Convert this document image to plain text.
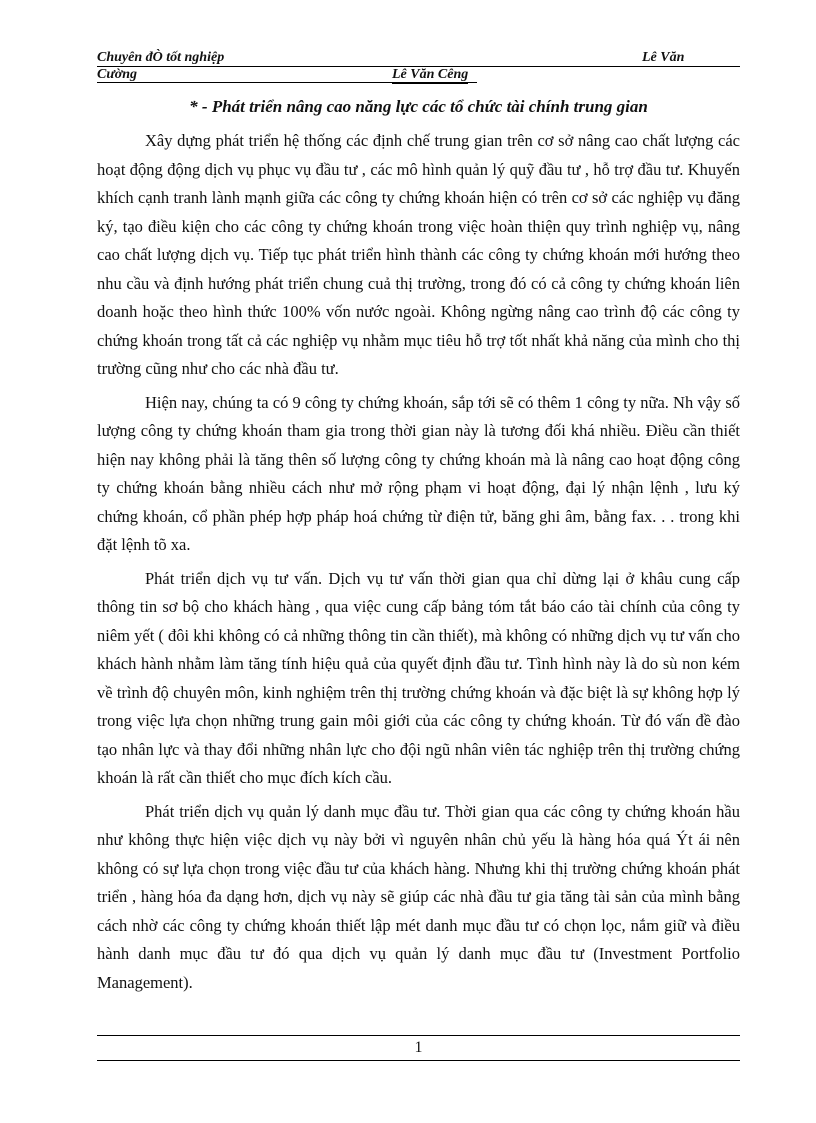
Chuyên đÒ tốt nghiệp	Lê Văn
Cường	Lê Văn Cêng
* - Phát triển nâng cao năng lực các tổ chức tài chính trung gian

Xây dựng phát triển hệ thống các định chế trung gian trên cơ sở nâng cao chất lượng các hoạt động động dịch vụ phục vụ đầu tư , các mô hình quản lý quỹ đầu tư , hỗ trợ đầu tư. Khuyến khích cạnh tranh lành mạnh giữa các công ty chứng khoán hiện có trên cơ sở các nghiệp vụ đăng ký, tạo điều kiện cho các công ty chứng khoán trong việc hoàn thiện quy trình nghiệp vụ, nâng cao chất lượng dịch vụ. Tiếp tục phát triển hình thành các công ty chứng khoán mới hướng theo nhu cầu và định hướng phát triển chung cuả thị trường, trong đó có cả công ty chứng khoán liên doanh hoặc theo hình thức 100% vốn nước ngoài. Không ngừng nâng cao trình độ các công ty chứng khoán trong tất cả các nghiệp vụ nhằm mục tiêu hỗ trợ tốt nhất khả năng của mình cho thị trường cũng như cho các nhà đầu tư.

Hiện nay, chúng ta có 9 công ty chứng khoán, sắp tới sẽ có thêm 1 công ty nữa. Nh vậy số lượng công ty chứng khoán tham gia trong thời gian này là tương đối khá nhiều. Điều cần thiết hiện nay không phải là tăng thên số lượng công ty chứng khoán mà là nâng cao hoạt động công ty chứng khoán bằng nhiều cách như mở rộng phạm vi hoạt động, đại lý nhận lệnh , lưu ký chứng khoán, cổ phần phép hợp pháp hoá chứng từ điện tử, băng ghi âm, bằng fax. . . trong khi đặt lệnh tõ xa.

Phát triển dịch vụ tư vấn. Dịch vụ tư vấn thời gian qua chỉ dừng lại ở khâu cung cấp thông tin sơ bộ cho khách hàng , qua việc cung cấp bảng tóm tắt báo cáo tài chính của công ty niêm yết ( đôi khi không có cả những thông tin cần thiết), mà không có những dịch vụ tư vấn cho khách hành nhằm làm tăng tính hiệu quả của quyết định đầu tư. Tình hình này là do sù non kém về trình độ chuyên môn, kinh nghiệm trên thị trường chứng khoán và đặc biệt là sự không hợp lý trong việc lựa chọn những trung gain môi giới của các công ty chứng khoán. Từ đó vấn đề đào tạo nhân lực và thay đổi những nhân lực cho đội ngũ nhân viên tác nghiệp trên thị trường chứng khoán là rất cần thiết cho mục đích kích cầu.

Phát triển dịch vụ quản lý danh mục đầu tư. Thời gian qua các công ty chứng khoán hầu như không thực hiện việc dịch vụ này bởi vì nguyên nhân chủ yếu là hàng hóa quá Ýt ái nên không có sự lựa chọn trong việc đầu tư của khách hàng. Nhưng khi thị trường chứng khoán phát triển , hàng hóa đa dạng hơn, dịch vụ này sẽ giúp các nhà đầu tư gia tăng tài sản của mình bằng cách nhờ các công ty chứng khoán thiết lập mét danh mục đầu tư có chọn lọc, nắm giữ và điều hành danh mục đầu tư đó qua dịch vụ quản lý danh mục đầu tư (Investment Portfolio Management).

1
